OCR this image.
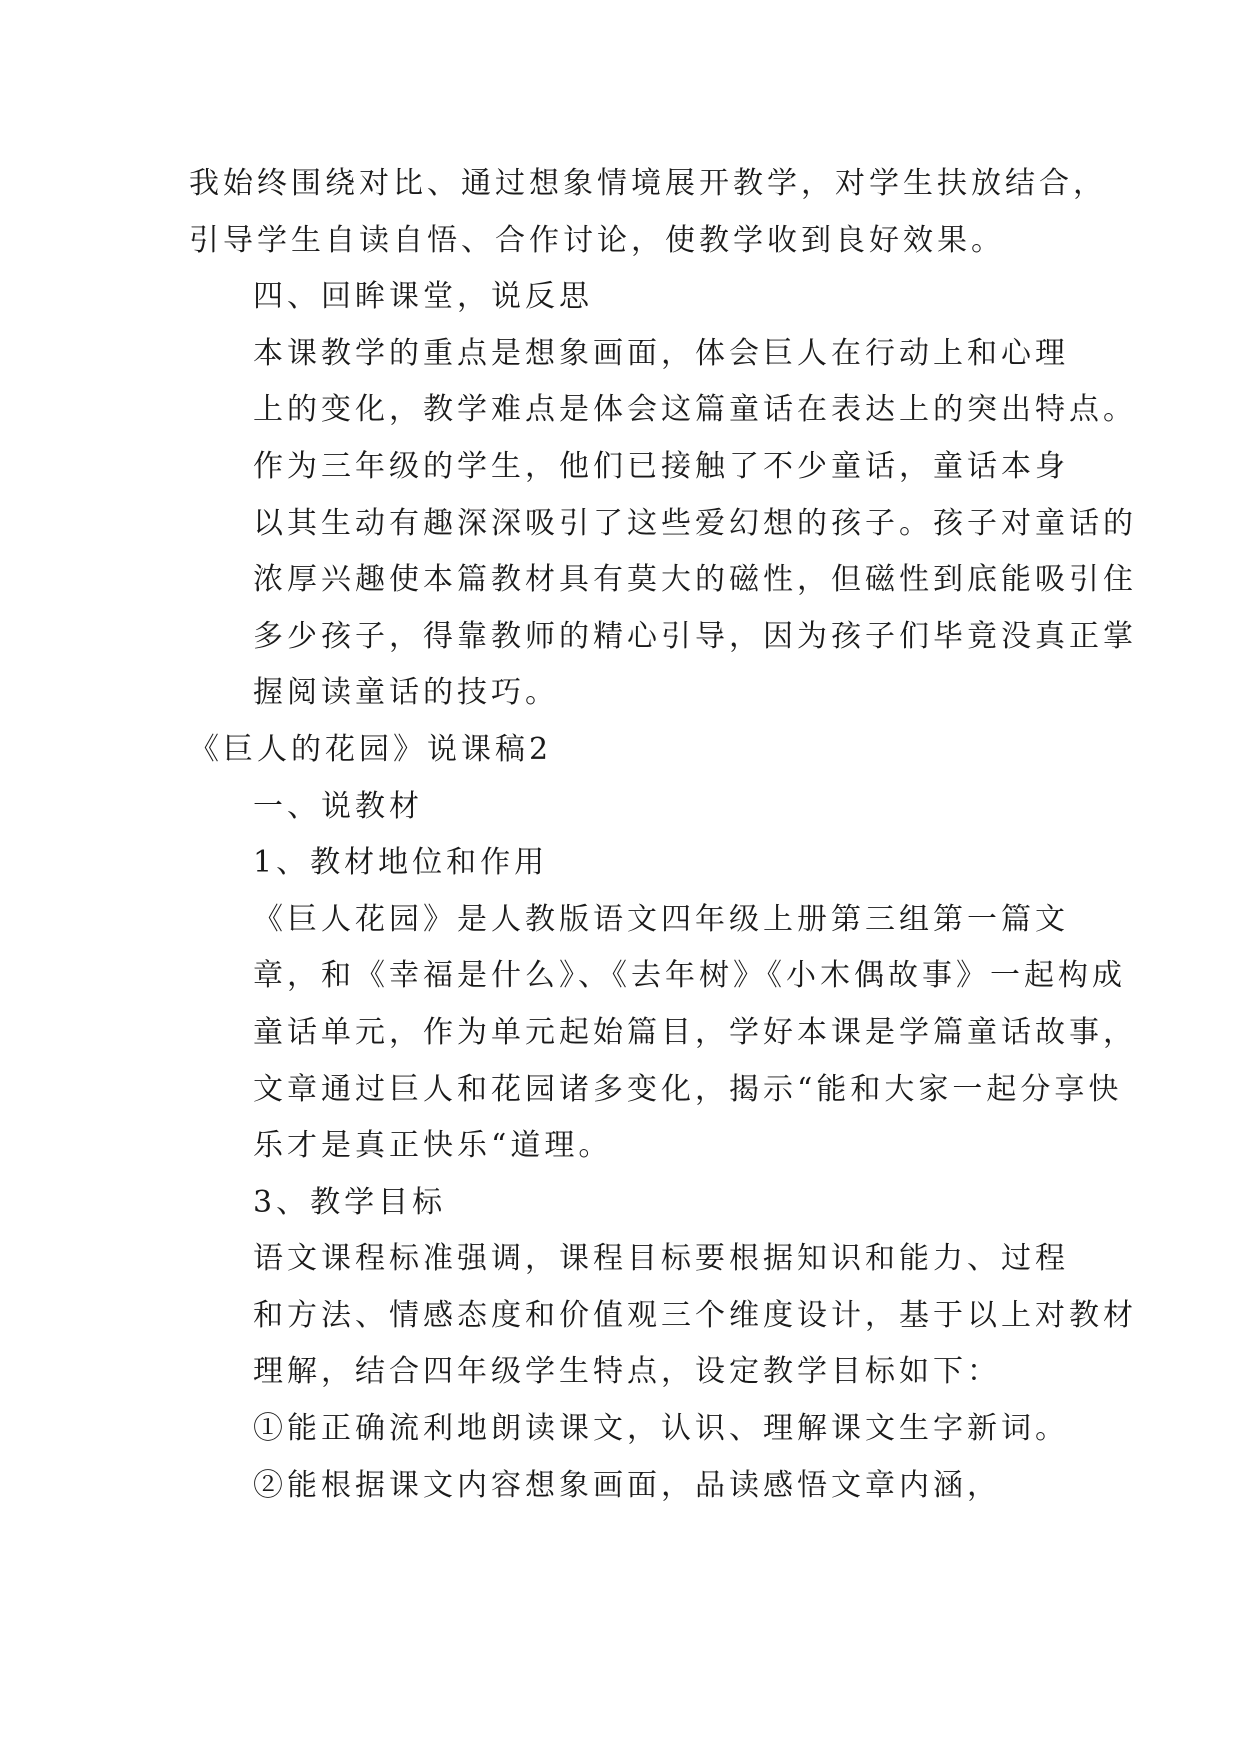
我始终围绕对比、通过想象情境展开教学，对学生扶放结合，
引导学生自读自悟、合作讨论，使教学收到良好效果。
四、回眸课堂，说反思
本课教学的重点是想象画面，体会巨人在行动上和心理
上的变化，教学难点是体会这篇童话在表达上的突出特点。
作为三年级的学生，他们已接触了不少童话，童话本身
以其生动有趣深深吸引了这些爱幻想的孩子。孩子对童话的
浓厚兴趣使本篇教材具有莫大的磁性，但磁性到底能吸引住
多少孩子，得靠教师的精心引导，因为孩子们毕竟没真正掌
握阅读童话的技巧。
《巨人的花园》说课稿2
一、说教材
1、教材地位和作用
《巨人花园》是人教版语文四年级上册第三组第一篇文
章，和《幸福是什么》、《去年树》《小木偶故事》一起构成
童话单元，作为单元起始篇目，学好本课是学篇童话故事，
文章通过巨人和花园诸多变化，揭示“能和大家一起分享快
乐才是真正快乐“道理。
3、教学目标
语文课程标准强调，课程目标要根据知识和能力、过程
和方法、情感态度和价值观三个维度设计，基于以上对教材
理解，结合四年级学生特点，设定教学目标如下：
①能正确流利地朗读课文，认识、理解课文生字新词。
②能根据课文内容想象画面，品读感悟文章内涵，
